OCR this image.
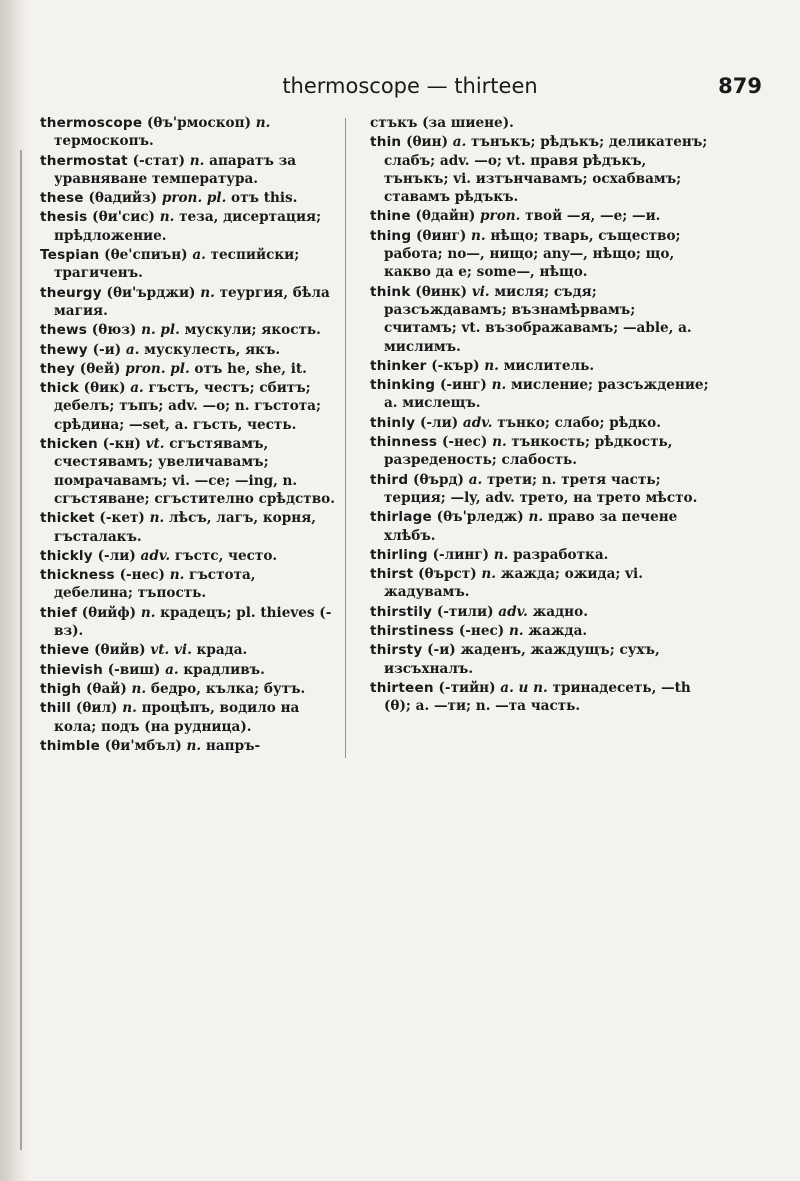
thermoscope — thirteen	879

thermoscope (θъ'рмоскоп) n. термоскопъ.

thermostat (-стат) n. апаратъ за уравняване температура.

these (θадийз) pron. pl. отъ this.

thesis (θи'сис) n. теза, дисертация; прѣдложение.

Tespian (θе'спиън) a. теспийски; трагиченъ.

theurgy (θи'ърджи) n. теургия, бѣла магия.

thews (θюз) n. pl. мускули; якость.

thewy (-и) a. мускулесть, якъ.

they (θей) pron. pl. отъ he, she, it.

thick (θик) a. гъстъ, честъ; сбитъ; дебелъ; тъпъ; adv. —o; n. гъстота; срѣдина; —set, a. гъсть, честь.

thicken (-кн) vt. сгъстявамъ, счестявамъ; увеличавамъ; помрачавамъ; vi. —се; —ing, n. сгъстяване; сгъстително срѣдство.

thicket (-кет) n. лѣсъ, лагъ, корня, гъсталакъ.

thickly (-ли) adv. гъстс, често.

thickness (-нес) n. гъстота, дебелина; тъпость.

thief (θийф) n. крадецъ; pl. thieves (-вз).

thieve (θийв) vt. vi. крада.

thievish (-виш) a. крадливъ.

thigh (θай) n. бедро, кълка; бутъ.

thill (θил) n. процѣпъ, водило на кола; подъ (на рудница).

thimble (θи'мбъл) n. напръ-

стъкъ (за шиене).

thin (θин) a. тънъкъ; рѣдъкъ; деликатенъ; слабъ; adv. —o; vt. правя рѣдъкъ, тънъкъ; vi. изтънчавамъ; осхабвамъ; ставамъ рѣдъкъ.

thine (θдайн) pron. твой —я, —е; —и.

thing (θинг) n. нѣщо; тварь, същество; работа; no—, нищо; any—, нѣщо; що, какво да е; some—, нѣщо.

think (θинк) vi. мисля; съдя; разсъждавамъ; възнамѣрвамъ; считамъ; vt. възображавамъ; —able, a. мислимъ.

thinker (-кър) n. мислитель.

thinking (-инг) n. мисление; разсъждение; a. мислещъ.

thinly (-ли) adv. тънко; слабо; рѣдко.

thinness (-нес) n. тънкость; рѣдкость, разредeность; слабость.

third (θърд) a. трети; n. третя часть; терция; —ly, adv. трето, на трето мѣсто.

thirlage (θъ'рледж) n. право за печене хлѣбъ.

thirling (-линг) n. разработка.

thirst (θърст) n. жажда; ожида; vi. жадувамъ.

thirstily (-тили) adv. жадно.

thirstiness (-нес) n. жажда.

thirsty (-и) жаденъ, жаждущъ; сухъ, изсъхналъ.

thirteen (-тийн) a. и n. тринадесеть, —th (θ); a. —ти; n. —та часть.
